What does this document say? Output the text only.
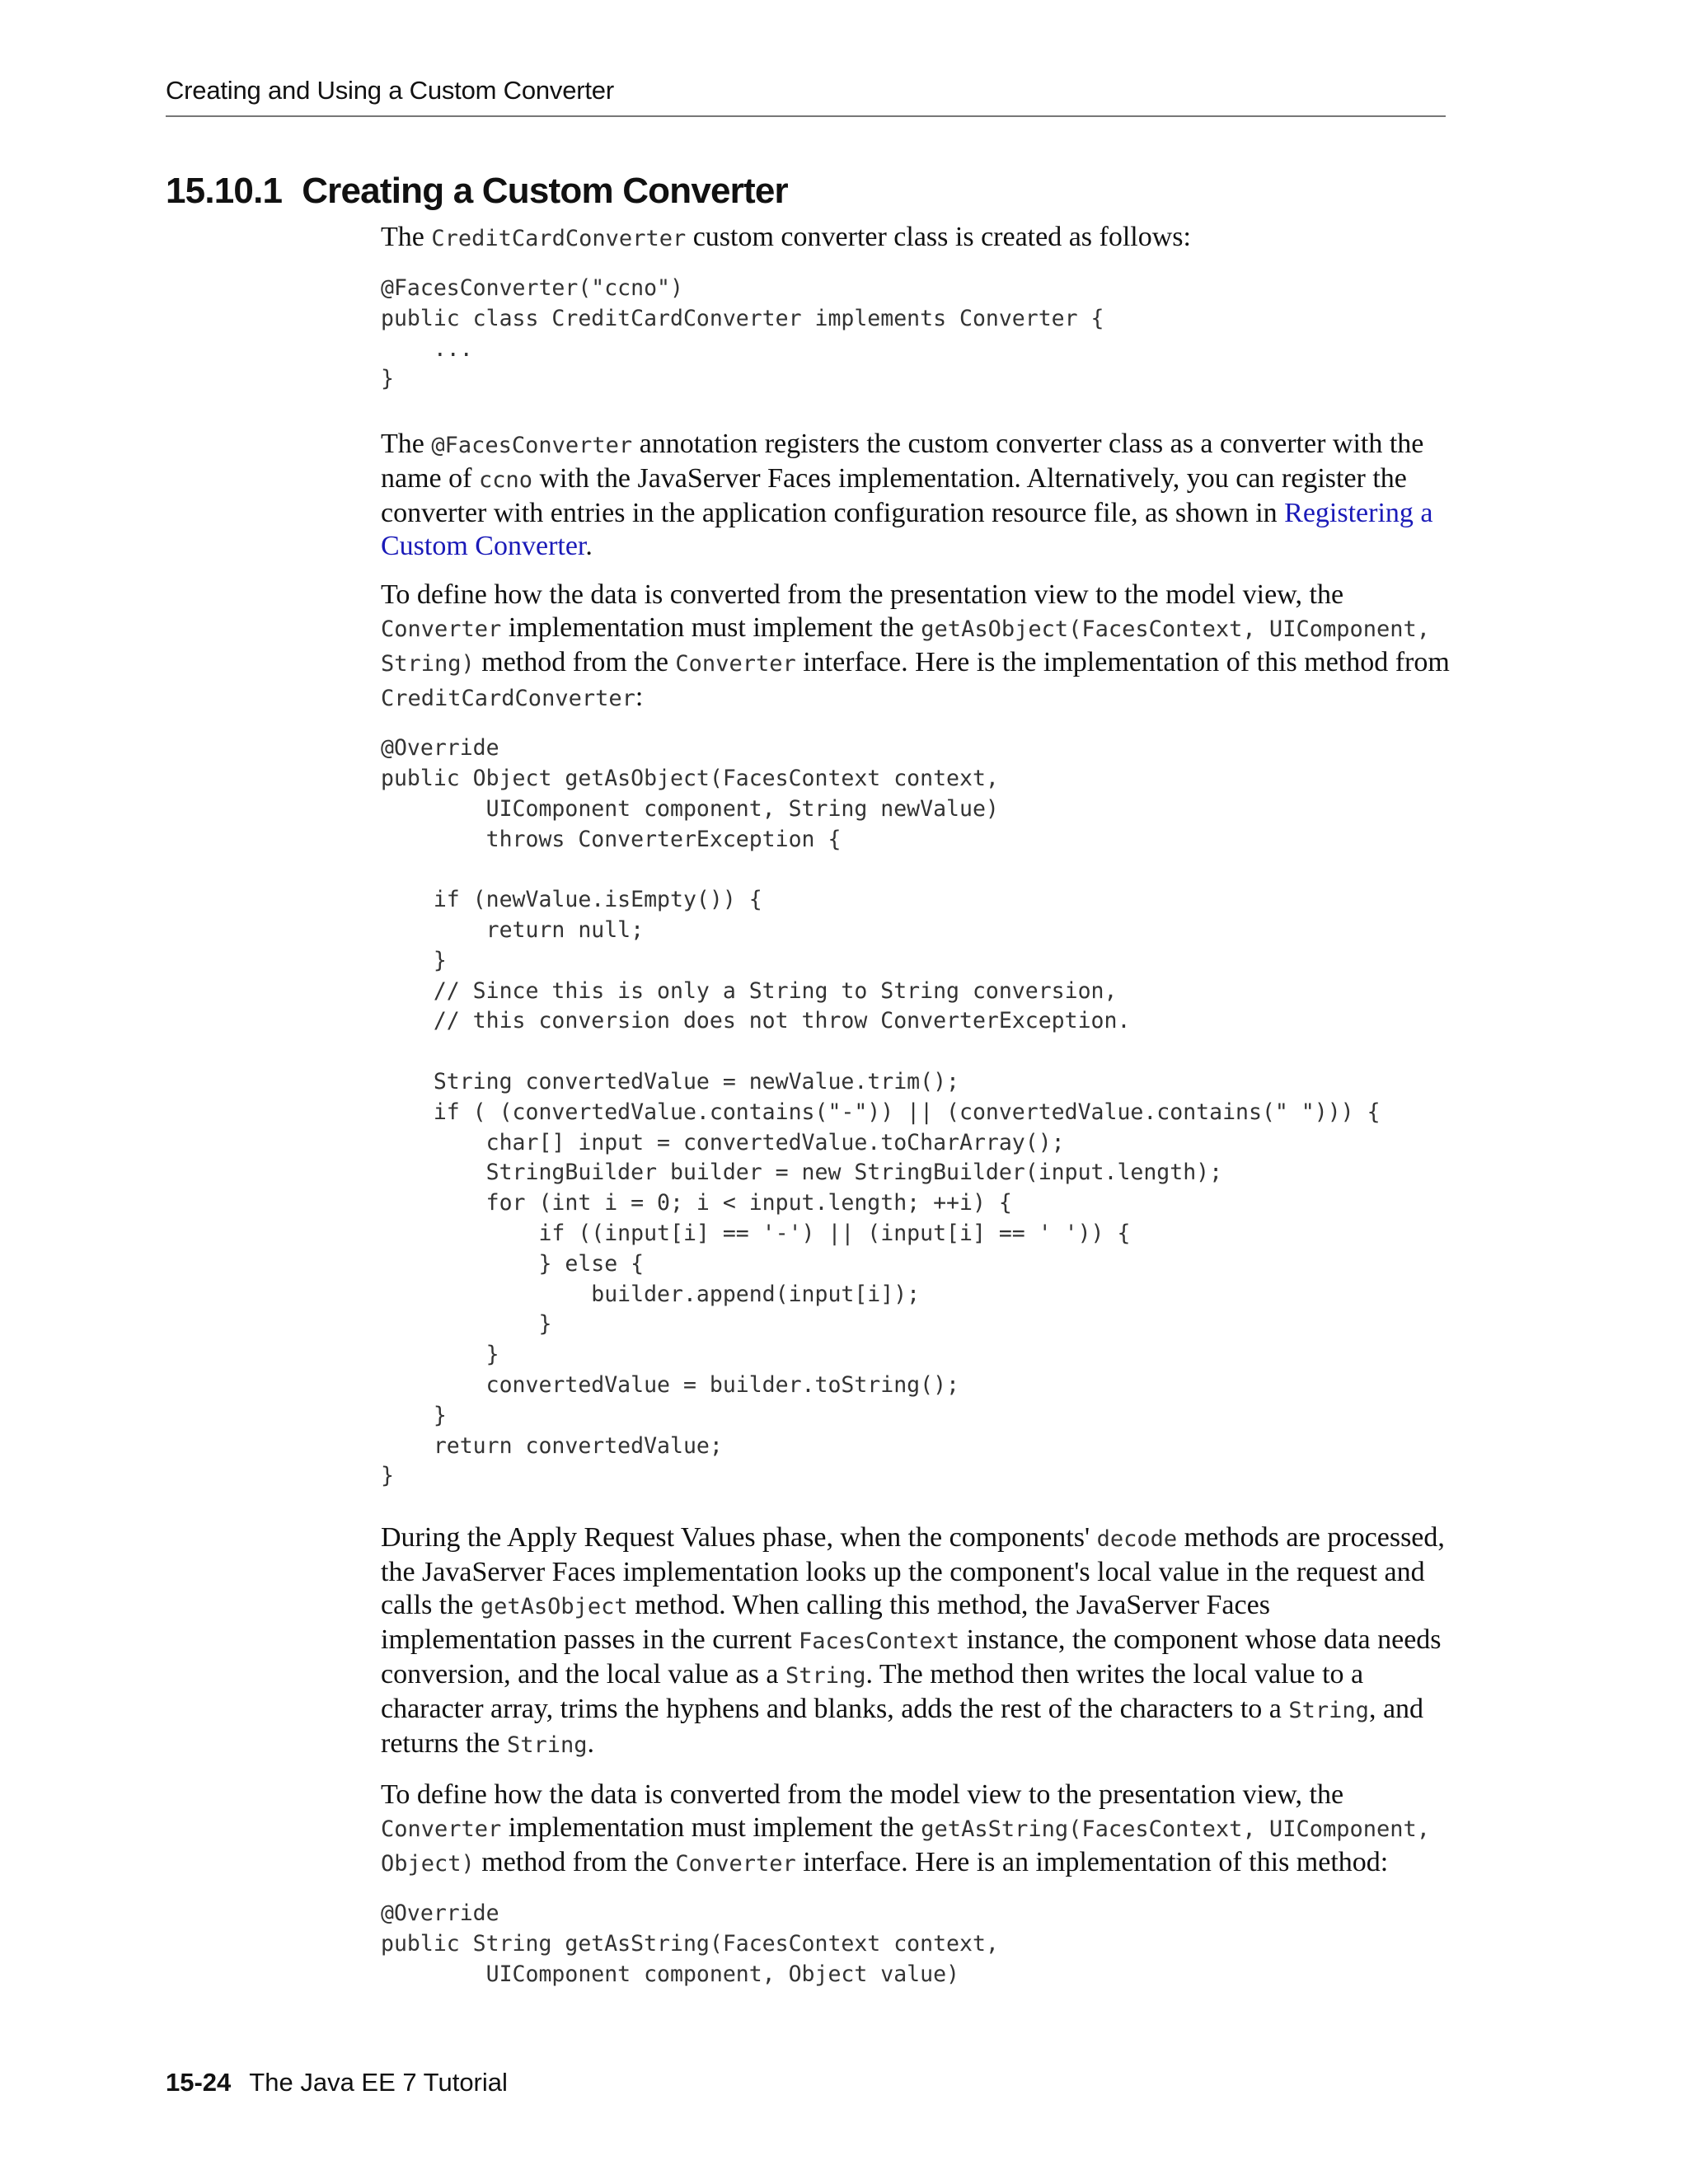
Creating and Using a Custom Converter
15.10.1 Creating a Custom Converter

The CreditCardConverter custom converter class is created as follows:

@FacesConverter("ccno")
public class CreditCardConverter implements Converter {
...
}

The @FacesConverter annotation registers the custom converter class as a converter with the name of ccno with the JavaServer Faces implementation. Alternatively, you can register the converter with entries in the application configuration resource file, as shown in Registering a Custom Converter.

To define how the data is converted from the presentation view to the model view, the Converter implementation must implement the getAsObject(FacesContext, UIComponent, String) method from the Converter interface. Here is the implementation of this method from CreditCardConverter:

@Override
public Object getAsObject(FacesContext context,
UIComponent component, String newValue)
throws ConverterException {

if (newValue.isEmpty()) {
return null;
}
// Since this is only a String to String conversion,
// this conversion does not throw ConverterException.

String convertedValue = newValue.trim();
if ( (convertedValue.contains("-")) || (convertedValue.contains(" "))) {
char[] input = convertedValue.toCharArray();
StringBuilder builder = new StringBuilder(input.length);
for (int i = 0; i < input.length; ++i) {
if ((input[i] == '-') || (input[i] == ' ')) {
} else {
builder.append(input[i]);
}
}
convertedValue = builder.toString();
}
return convertedValue;
}

During the Apply Request Values phase, when the components' decode methods are processed, the JavaServer Faces implementation looks up the component's local value in the request and calls the getAsObject method. When calling this method, the JavaServer Faces implementation passes in the current FacesContext instance, the component whose data needs conversion, and the local value as a String. The method then writes the local value to a character array, trims the hyphens and blanks, adds the rest of the characters to a String, and returns the String.

To define how the data is converted from the model view to the presentation view, the Converter implementation must implement the getAsString(FacesContext, UIComponent, Object) method from the Converter interface. Here is an implementation of this method:

@Override
public String getAsString(FacesContext context,
UIComponent component, Object value)
15-24 The Java EE 7 Tutorial
